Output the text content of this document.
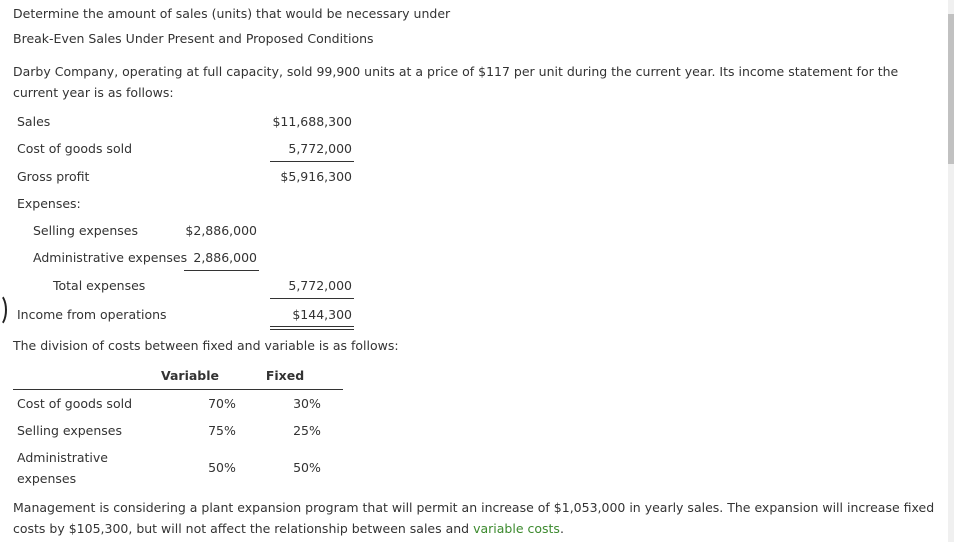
Determine the amount of sales (units) that would be necessary under
Break-Even Sales Under Present and Proposed Conditions
Darby Company, operating at full capacity, sold 99,900 units at a price of $117 per unit during the current year. Its income statement for the current year is as follows:
Sales	$11,688,300
Cost of goods sold	5,772,000
Gross profit	$5,916,300
Expenses:
Selling expenses	$2,886,000
Administrative expenses 2,886,000
Total expenses	5,772,000
Income from operations	$144,300
The division of costs between fixed and variable is as follows:
Variable	Fixed
Cost of goods sold	70%	30%
Selling expenses	75%	25%
Administrative
expenses
50%	50%
Management is considering a plant expansion program that will permit an increase of $1,053,000 in yearly sales. The expansion will increase fixed costs by $105,300, but will not affect the relationship between sales and variable costs.
